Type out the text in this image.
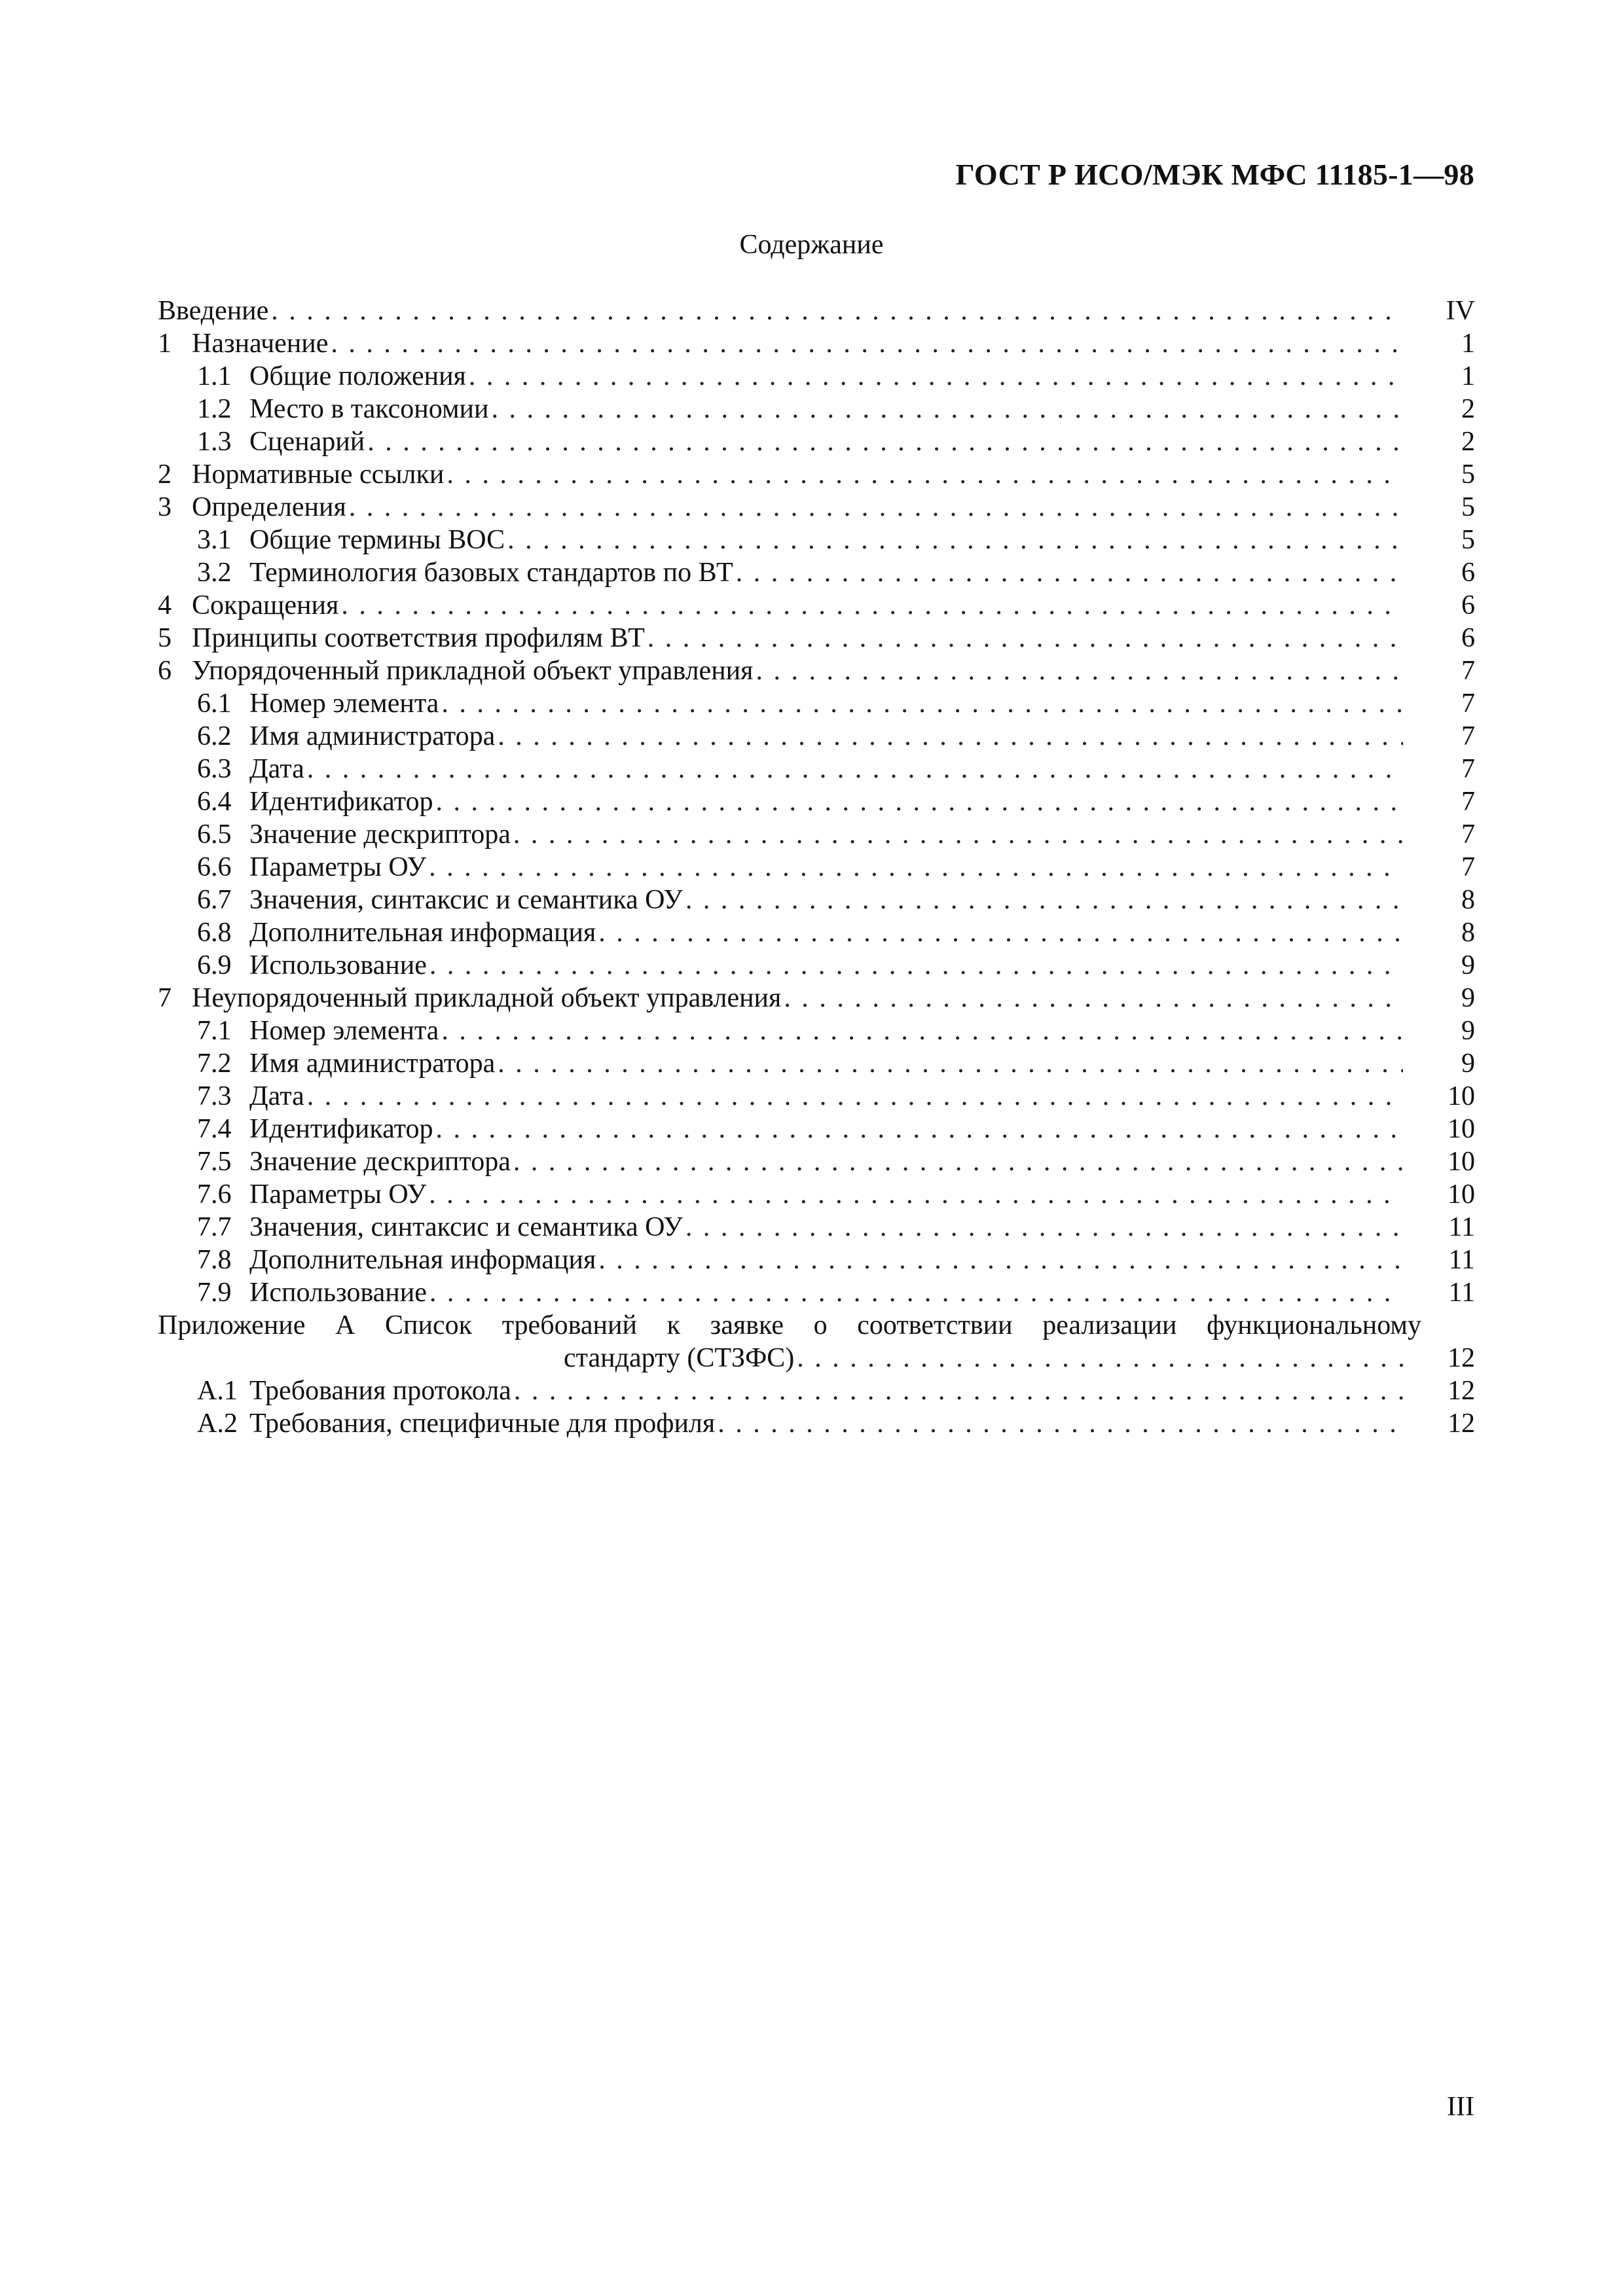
ГОСТ Р ИСО/МЭК МФС 11185-1—98
Содержание
Введение . . .	IV
1 Назначение . . .	1
1.1 Общие положения . . .	1
1.2 Место в таксономии . . .	2
1.3 Сценарий . . .	2
2 Нормативные ссылки . . .	5
3 Определения . . .	5
3.1 Общие термины ВОС . . .	5
3.2 Терминология базовых стандартов по ВТ . . .	6
4 Сокращения . . .	6
5 Принципы соответствия профилям ВТ . . .	6
6 Упорядоченный прикладной объект управления . . .	7
6.1 Номер элемента . . .	7
6.2 Имя администратора . . .	7
6.3 Дата . . .	7
6.4 Идентификатор . . .	7
6.5 Значение дескриптора . . .	7
6.6 Параметры ОУ . . .	7
6.7 Значения, синтаксис и семантика ОУ . . .	8
6.8 Дополнительная информация . . .	8
6.9 Использование . . .	9
7 Неупорядоченный прикладной объект управления . . .	9
7.1 Номер элемента . . .	9
7.2 Имя администратора . . .	9
7.3 Дата . . .	10
7.4 Идентификатор . . .	10
7.5 Значение дескриптора . . .	10
7.6 Параметры ОУ . . .	10
7.7 Значения, синтаксис и семантика ОУ . . .	11
7.8 Дополнительная информация . . .	11
7.9 Использование . . .	11
Приложение А Список требований к заявке о соответствии реализации функциональному
стандарту (СТЗФС) . . .	12
А.1 Требования протокола . . .	12
А.2 Требования, специфичные для профиля . . .	12
III
